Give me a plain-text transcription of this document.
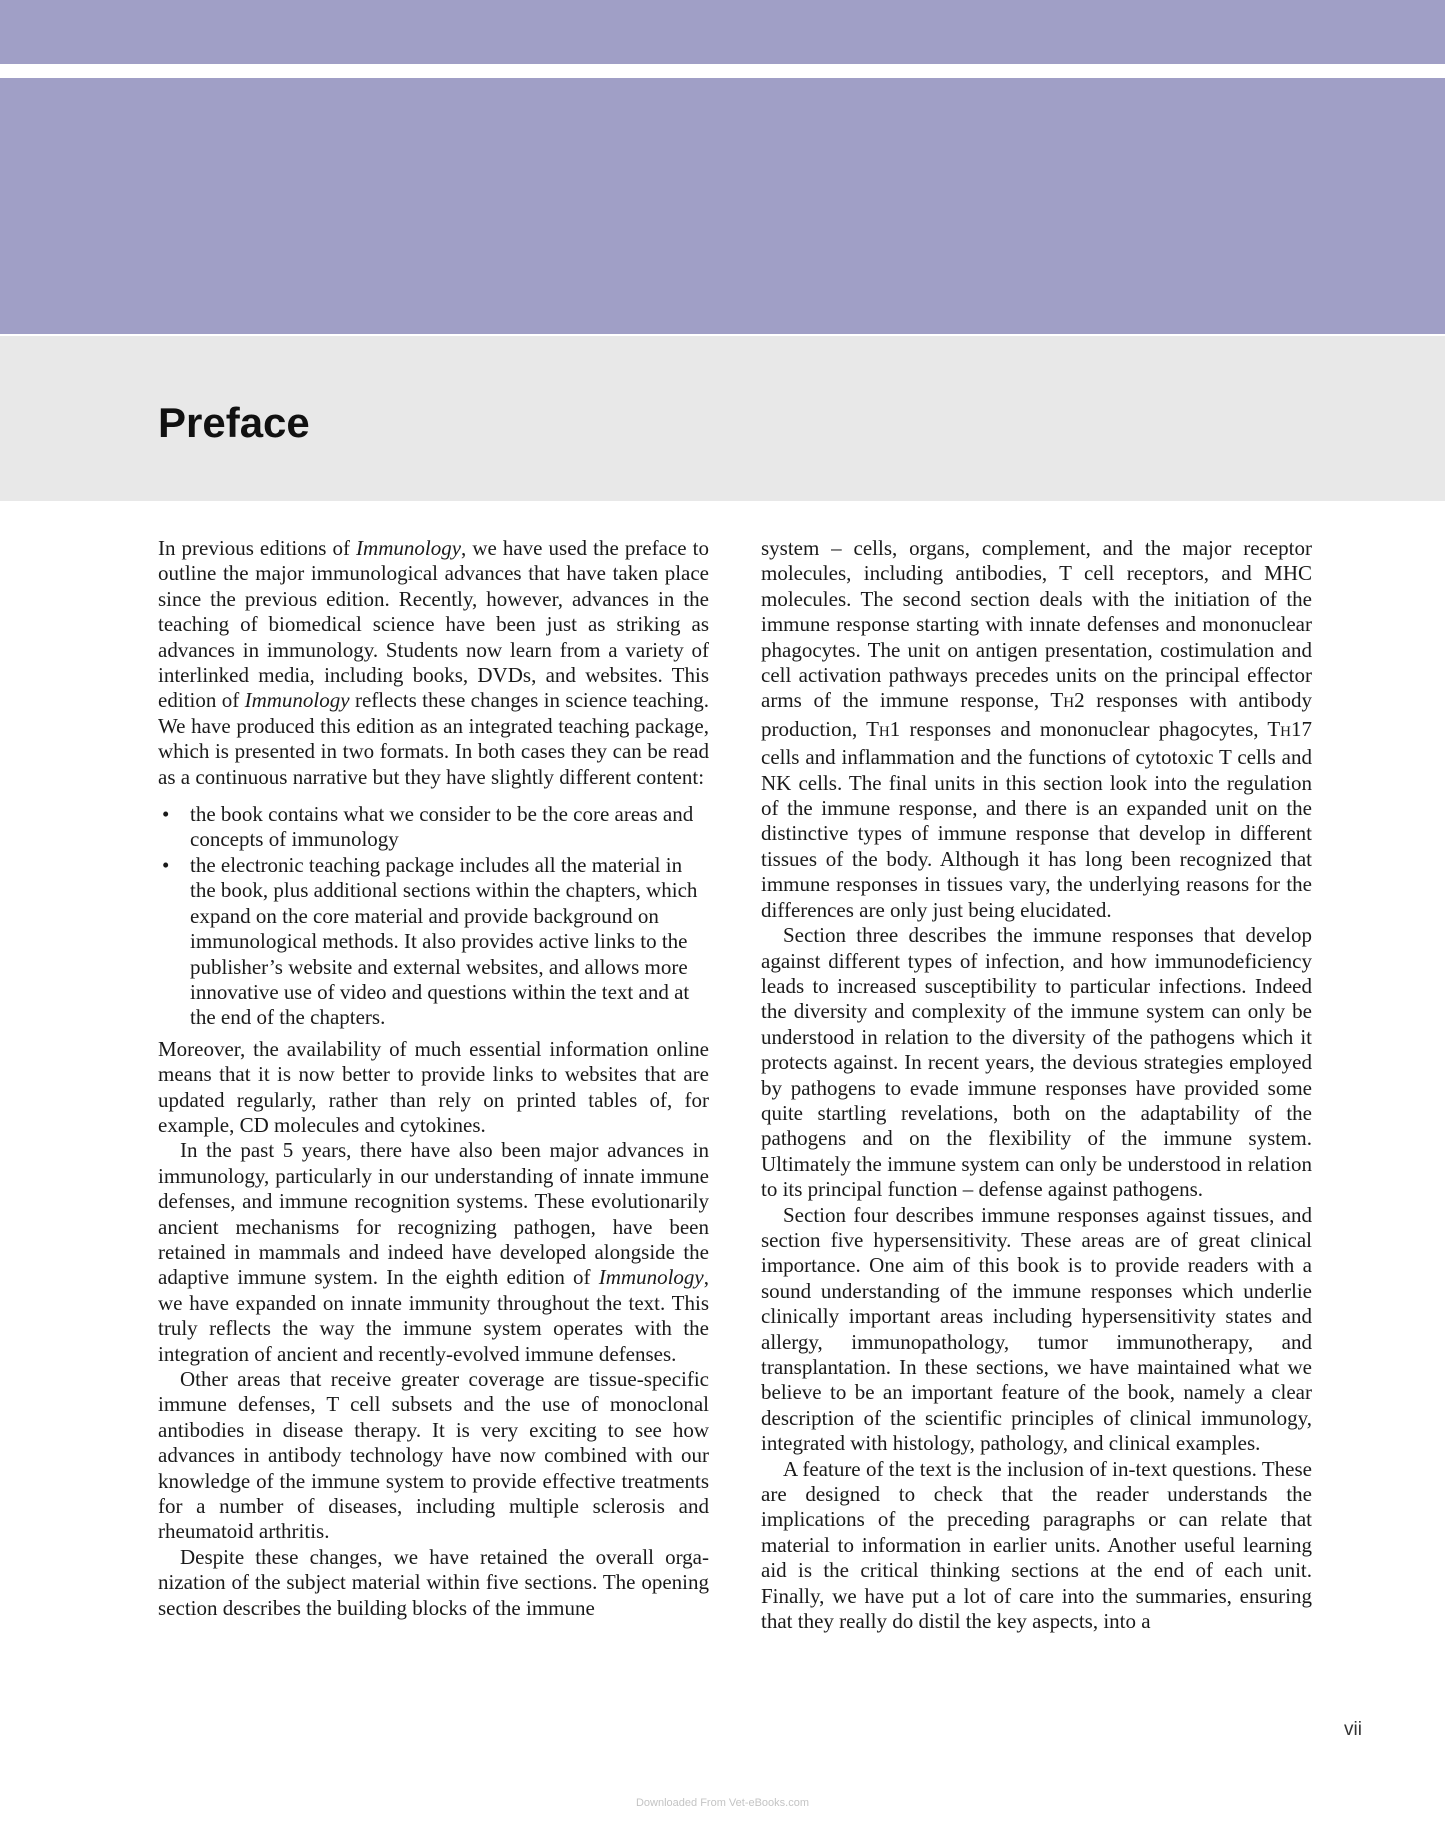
Preface

In previous editions of Immunology, we have used the preface to outline the major immunological advances that have taken place since the previous edition. Recently, however, advances in the teaching of biomedical science have been just as striking as advances in immunology. Students now learn from a variety of interlinked media, including books, DVDs, and websites. This edition of Immunology reflects these changes in science teaching. We have produced this edition as an integrated teaching package, which is presented in two formats. In both cases they can be read as a continuous narrative but they have slightly different content:

• the book contains what we consider to be the core areas and concepts of immunology
• the electronic teaching package includes all the material in the book, plus additional sections within the chapters, which expand on the core material and provide background on immunological methods. It also provides active links to the publisher’s website and external websites, and allows more innovative use of video and questions within the text and at the end of the chapters.

Moreover, the availability of much essential information online means that it is now better to provide links to websites that are updated regularly, rather than rely on printed tables of, for example, CD molecules and cytokines.

In the past 5 years, there have also been major advances in immunology, particularly in our understanding of innate immune defenses, and immune recognition systems. These evolutionarily ancient mechanisms for recognizing pathogen, have been retained in mammals and indeed have developed alongside the adaptive immune system. In the eighth edition of Immunology, we have expanded on innate immunity throughout the text. This truly reflects the way the immune system operates with the integration of ancient and recently-evolved immune defenses.

Other areas that receive greater coverage are tissue-specific immune defenses, T cell subsets and the use of monoclonal antibodies in disease therapy. It is very exciting to see how advances in antibody technology have now combined with our knowledge of the immune system to provide effective treatments for a number of diseases, including multiple sclerosis and rheumatoid arthritis.

Despite these changes, we have retained the overall organization of the subject material within five sections. The opening section describes the building blocks of the immune

system – cells, organs, complement, and the major receptor molecules, including antibodies, T cell receptors, and MHC molecules. The second section deals with the initiation of the immune response starting with innate defenses and mononuclear phagocytes. The unit on antigen presentation, costimulation and cell activation pathways precedes units on the principal effector arms of the immune response, TH2 responses with antibody production, TH1 responses and mononuclear phagocytes, TH17 cells and inflammation and the functions of cytotoxic T cells and NK cells. The final units in this section look into the regulation of the immune response, and there is an expanded unit on the distinctive types of immune response that develop in different tissues of the body. Although it has long been recognized that immune responses in tissues vary, the underlying reasons for the differences are only just being elucidated.

Section three describes the immune responses that develop against different types of infection, and how immunodeficiency leads to increased susceptibility to particular infections. Indeed the diversity and complexity of the immune system can only be understood in relation to the diversity of the pathogens which it protects against. In recent years, the devious strategies employed by pathogens to evade immune responses have provided some quite startling revelations, both on the adaptability of the pathogens and on the flexibility of the immune system. Ultimately the immune system can only be understood in relation to its principal function – defense against pathogens.

Section four describes immune responses against tissues, and section five hypersensitivity. These areas are of great clinical importance. One aim of this book is to provide readers with a sound understanding of the immune responses which underlie clinically important areas including hypersensitivity states and allergy, immunopathology, tumor immunotherapy, and transplantation. In these sections, we have maintained what we believe to be an important feature of the book, namely a clear description of the scientific principles of clinical immunology, integrated with histology, pathology, and clinical examples.

A feature of the text is the inclusion of in-text questions. These are designed to check that the reader understands the implications of the preceding paragraphs or can relate that material to information in earlier units. Another useful learning aid is the critical thinking sections at the end of each unit. Finally, we have put a lot of care into the summaries, ensuring that they really do distil the key aspects, into a

vii
Downloaded From Vet-eBooks.com
